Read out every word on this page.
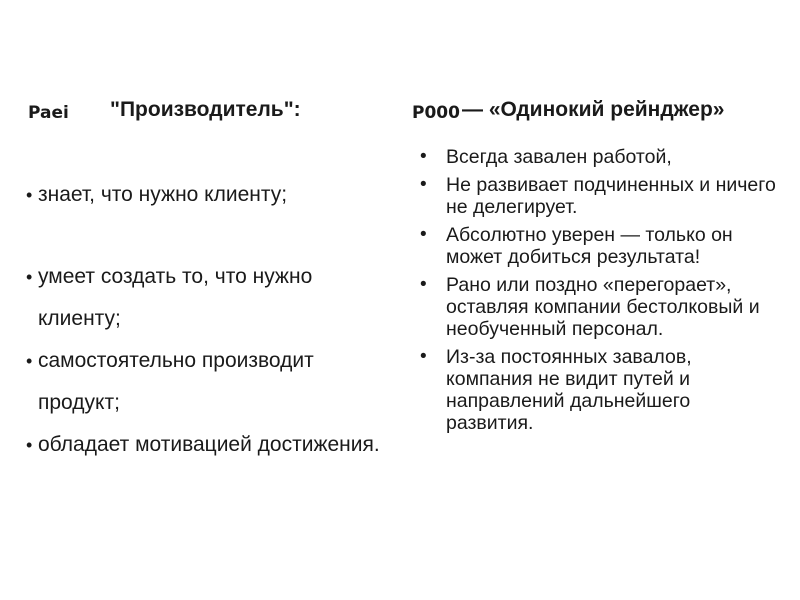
Paei "Производитель":	P000 — «Одинокий рейнджер»
• знает, что нужно клиенту;
• умеет создать то, что нужно клиенту;
• самостоятельно производит продукт;
• обладает мотивацией достижения.
• Всегда завален работой,
• Не развивает подчиненных и ничего не делегирует.
• Абсолютно уверен — только он может добиться результата!
• Рано или поздно «перегорает», оставляя компании бестолковый и необученный персонал.
• Из-за постоянных завалов, компания не видит путей и направлений дальнейшего развития.
